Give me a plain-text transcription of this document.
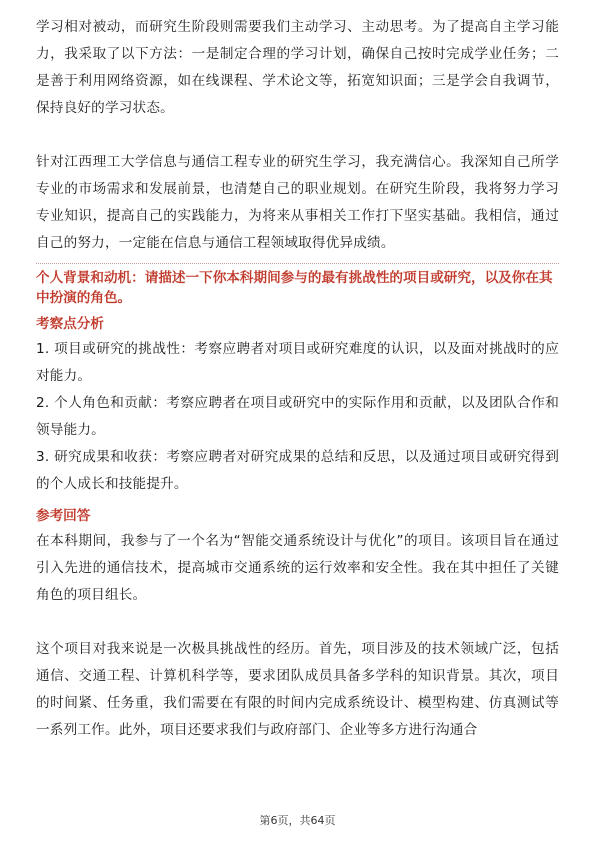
学习相对被动，而研究生阶段则需要我们主动学习、主动思考。为了提高自主学习能力，我采取了以下方法：一是制定合理的学习计划，确保自己按时完成学业任务；二是善于利用网络资源，如在线课程、学术论文等，拓宽知识面；三是学会自我调节，保持良好的学习状态。

针对江西理工大学信息与通信工程专业的研究生学习，我充满信心。我深知自己所学专业的市场需求和发展前景，也清楚自己的职业规划。在研究生阶段，我将努力学习专业知识，提高自己的实践能力，为将来从事相关工作打下坚实基础。我相信，通过自己的努力，一定能在信息与通信工程领域取得优异成绩。

个人背景和动机：请描述一下你本科期间参与的最有挑战性的项目或研究，以及你在其中扮演的角色。
考察点分析

1. 项目或研究的挑战性：考察应聘者对项目或研究难度的认识，以及面对挑战时的应对能力。

2. 个人角色和贡献：考察应聘者在项目或研究中的实际作用和贡献，以及团队合作和领导能力。

3. 研究成果和收获：考察应聘者对研究成果的总结和反思，以及通过项目或研究得到的个人成长和技能提升。

参考回答

在本科期间，我参与了一个名为“智能交通系统设计与优化”的项目。该项目旨在通过引入先进的通信技术，提高城市交通系统的运行效率和安全性。我在其中担任了关键角色的项目组长。

这个项目对我来说是一次极具挑战性的经历。首先，项目涉及的技术领域广泛，包括通信、交通工程、计算机科学等，要求团队成员具备多学科的知识背景。其次，项目的时间紧、任务重，我们需要在有限的时间内完成系统设计、模型构建、仿真测试等一系列工作。此外，项目还要求我们与政府部门、企业等多方进行沟通合

第6页，共64页
